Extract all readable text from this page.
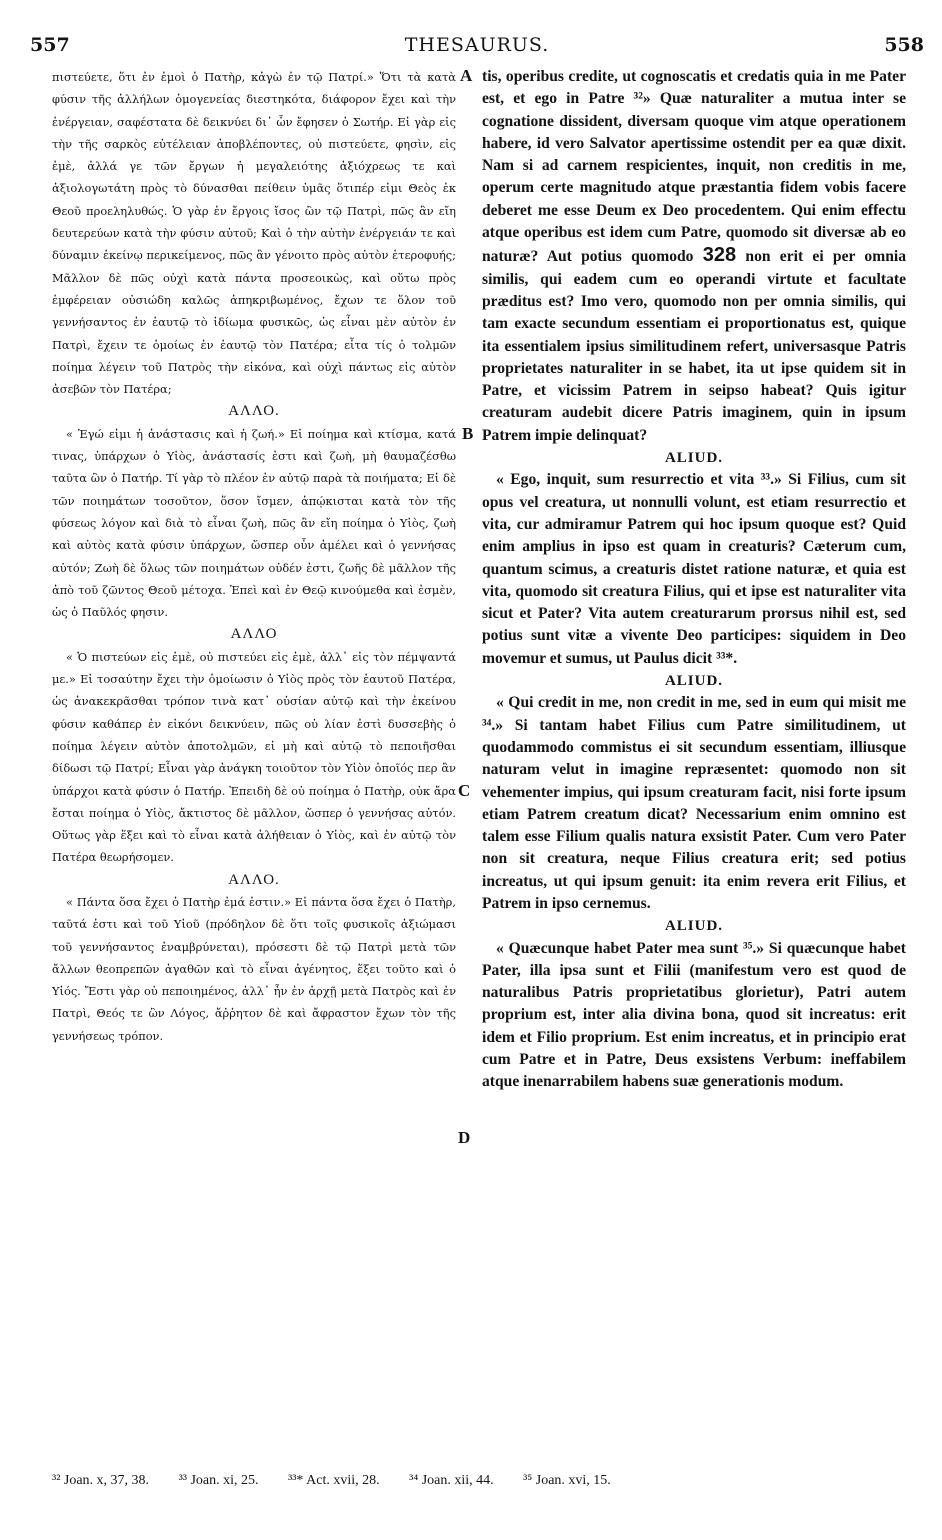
557	THESAURUS.	558

πιστεύετε, ὅτι ἐν ἐμοὶ ὁ Πατὴρ, κἀγὼ ἐν τῷ Πατρί.» Ὅτι τὰ κατὰ φύσιν τῆς ἀλλήλων ὁμογενείας διεστηκότα, διάφορον ἔχει καὶ τὴν ἐνέργειαν, σαφέστατα δὲ δεικνύει δι᾽ ὧν ἔφησεν ὁ Σωτήρ. Εἰ γὰρ εἰς τὴν τῆς σαρκὸς εὐτέλειαν ἀποβλέποντες, οὐ πιστεύετε, φησὶν, εἰς ἐμὲ, ἀλλά γε τῶν ἔργων ἡ μεγαλειότης ἀξιόχρεως τε καὶ ἀξιολογωτάτη πρὸς τὸ δύνασθαι πείθειν ὑμᾶς ὅτιπέρ εἰμι Θεὸς ἐκ Θεοῦ προεληλυθώς. Ὁ γὰρ ἐν ἔργοις ἴσος ὢν τῷ Πατρὶ, πῶς ἂν εἴη δευτερεύων κατὰ τὴν φύσιν αὐτοῦ; Καὶ ὁ τὴν αὐτὴν ἐνέργειάν τε καὶ δύναμιν ἐκείνῳ περικείμενος, πῶς ἂν γένοιτο πρὸς αὐτὸν ἑτεροφυής; Μᾶλλον δὲ πῶς οὐχὶ κατὰ πάντα προσεοικὼς, καὶ οὕτω πρὸς ἐμφέρειαν οὐσιώδη καλῶς ἀπηκριβωμένος, ἔχων τε ὅλον τοῦ γεννήσαντος ἐν ἑαυτῷ τὸ ἰδίωμα φυσικῶς, ὡς εἶναι μὲν αὐτὸν ἐν Πατρὶ, ἔχειν τε ὁμοίως ἐν ἑαυτῷ τὸν Πατέρα; εἶτα τίς ὁ τολμῶν ποίημα λέγειν τοῦ Πατρὸς τὴν εἰκόνα, καὶ οὐχὶ πάντως εἰς αὐτὸν ἀσεβῶν τὸν Πατέρα;

ΑΛΛΟ.

« Ἐγώ εἰμι ἡ ἀνάστασις καὶ ἡ ζωή.» Εἰ ποίημα καὶ κτίσμα, κατά τινας, ὑπάρχων ὁ Υἱὸς, ἀνάστασίς ἐστι καὶ ζωὴ, μὴ θαυμαζέσθω ταῦτα ὢν ὁ Πατήρ. Τί γὰρ τὸ πλέον ἐν αὐτῷ παρὰ τὰ ποιήματα; Εἰ δὲ τῶν ποιημάτων τοσοῦτον, ὅσον ἴσμεν, ἀπῴκισται κατὰ τὸν τῆς φύσεως λόγον καὶ διὰ τὸ εἶναι ζωὴ, πῶς ἂν εἴη ποίημα ὁ Υἱὸς, ζωὴ καὶ αὐτὸς κατὰ φύσιν ὑπάρχων, ὥσπερ οὖν ἀμέλει καὶ ὁ γεννήσας αὐτόν; Ζωὴ δὲ ὅλως τῶν ποιημάτων οὐδέν ἐστι, ζωῆς δὲ μᾶλλον τῆς ἀπὸ τοῦ ζῶντος Θεοῦ μέτοχα. Ἐπεὶ καὶ ἐν Θεῷ κινούμεθα καὶ ἐσμὲν, ὡς ὁ Παῦλός φησιν.

ΑΛΛΟ

« Ὁ πιστεύων εἰς ἐμὲ, οὐ πιστεύει εἰς ἐμὲ, ἀλλ᾽ εἰς τὸν πέμψαντά με.» Εἰ τοσαύτην ἔχει τὴν ὁμοίωσιν ὁ Υἱὸς πρὸς τὸν ἑαυτοῦ Πατέρα, ὡς ἀνακεκρᾶσθαι τρόπον τινὰ κατ᾽ οὐσίαν αὐτῷ καὶ τὴν ἐκείνου φύσιν καθάπερ ἐν εἰκόνι δεικνύειν, πῶς οὐ λίαν ἐστὶ δυσσεβὴς ὁ ποίημα λέγειν αὐτὸν ἀποτολμῶν, εἰ μὴ καὶ αὐτῷ τὸ πεποιῆσθαι δίδωσι τῷ Πατρί; Εἶναι γὰρ ἀνάγκη τοιοῦτον τὸν Υἱὸν ὁποῖός περ ἂν ὑπάρχοι κατὰ φύσιν ὁ Πατήρ. Ἐπειδὴ δὲ οὐ ποίημα ὁ Πατὴρ, οὐκ ἄρα ἔσται ποίημα ὁ Υἱὸς, ἄκτιστος δὲ μᾶλλον, ὥσπερ ὁ γεννήσας αὐτόν. Οὕτως γὰρ ἕξει καὶ τὸ εἶναι κατὰ ἀλήθειαν ὁ Υἱὸς, καὶ ἐν αὐτῷ τὸν Πατέρα θεωρήσομεν.

ΑΛΛΟ.

« Πάντα ὅσα ἔχει ὁ Πατὴρ ἐμά ἐστιν.» Εἰ πάντα ὅσα ἔχει ὁ Πατὴρ, ταῦτά ἐστι καὶ τοῦ Υἱοῦ (πρόδηλον δὲ ὅτι τοῖς φυσικοῖς ἀξιώμασι τοῦ γεννήσαντος ἐναμβρύνεται), πρόσεστι δὲ τῷ Πατρὶ μετὰ τῶν ἄλλων θεοπρεπῶν ἀγαθῶν καὶ τὸ εἶναι ἀγένητος, ἕξει τοῦτο καὶ ὁ Υἱός. Ἔστι γὰρ οὐ πεποιημένος, ἀλλ᾽ ἦν ἐν ἀρχῇ μετὰ Πατρὸς καὶ ἐν Πατρὶ, Θεός τε ὢν Λόγος, ἄῤῥητον δὲ καὶ ἄφραστον ἔχων τὸν τῆς γεννήσεως τρόπον.

A
B
C
D

tis, operibus credite, ut cognoscatis et credatis quia in me Pater est, et ego in Patre ³²» Quæ naturaliter a mutua inter se cognatione dissident, diversam quoque vim atque operationem habere, id vero Salvator apertissime ostendit per ea quæ dixit. Nam si ad carnem respicientes, inquit, non creditis in me, operum certe magnitudo atque præstantia fidem vobis facere deberet me esse Deum ex Deo procedentem. Qui enim effectu atque operibus est idem cum Patre, quomodo sit diversæ ab eo naturæ? Aut potius quomodo 328 non erit ei per omnia similis, qui eadem cum eo operandi virtute et facultate præditus est? Imo vero, quomodo non per omnia similis, qui tam exacte secundum essentiam ei proportionatus est, quique ita essentialem ipsius similitudinem refert, universasque Patris proprietates naturaliter in se habet, ita ut ipse quidem sit in Patre, et vicissim Patrem in seipso habeat? Quis igitur creaturam audebit dicere Patris imaginem, quin in ipsum Patrem impie delinquat?

ALIUD.

« Ego, inquit, sum resurrectio et vita ³³.» Si Filius, cum sit opus vel creatura, ut nonnulli volunt, est etiam resurrectio et vita, cur admiramur Patrem qui hoc ipsum quoque est? Quid enim amplius in ipso est quam in creaturis? Cæterum cum, quantum scimus, a creaturis distet ratione naturæ, et quia est vita, quomodo sit creatura Filius, qui et ipse est naturaliter vita sicut et Pater? Vita autem creaturarum prorsus nihil est, sed potius sunt vitæ a vivente Deo participes: siquidem in Deo movemur et sumus, ut Paulus dicit ³³*.

ALIUD.

« Qui credit in me, non credit in me, sed in eum qui misit me ³⁴.» Si tantam habet Filius cum Patre similitudinem, ut quodammodo commistus ei sit secundum essentiam, illiusque naturam velut in imagine repræsentet: quomodo non sit vehementer impius, qui ipsum creaturam facit, nisi forte ipsum etiam Patrem creatum dicat? Necessarium enim omnino est talem esse Filium qualis natura exsistit Pater. Cum vero Pater non sit creatura, neque Filius creatura erit; sed potius increatus, ut qui ipsum genuit: ita enim revera erit Filius, et Patrem in ipso cernemus.

ALIUD.

« Quæcunque habet Pater mea sunt ³⁵.» Si quæcunque habet Pater, illa ipsa sunt et Filii (manifestum vero est quod de naturalibus Patris proprietatibus glorietur), Patri autem proprium est, inter alia divina bona, quod sit increatus: erit idem et Filio proprium. Est enim increatus, et in principio erat cum Patre et in Patre, Deus exsistens Verbum: ineffabilem atque inenarrabilem habens suæ generationis modum.

³² Joan. x, 37, 38. ³³ Joan. xi, 25. ³³* Act. xvii, 28. ³⁴ Joan. xii, 44. ³⁵ Joan. xvi, 15.
